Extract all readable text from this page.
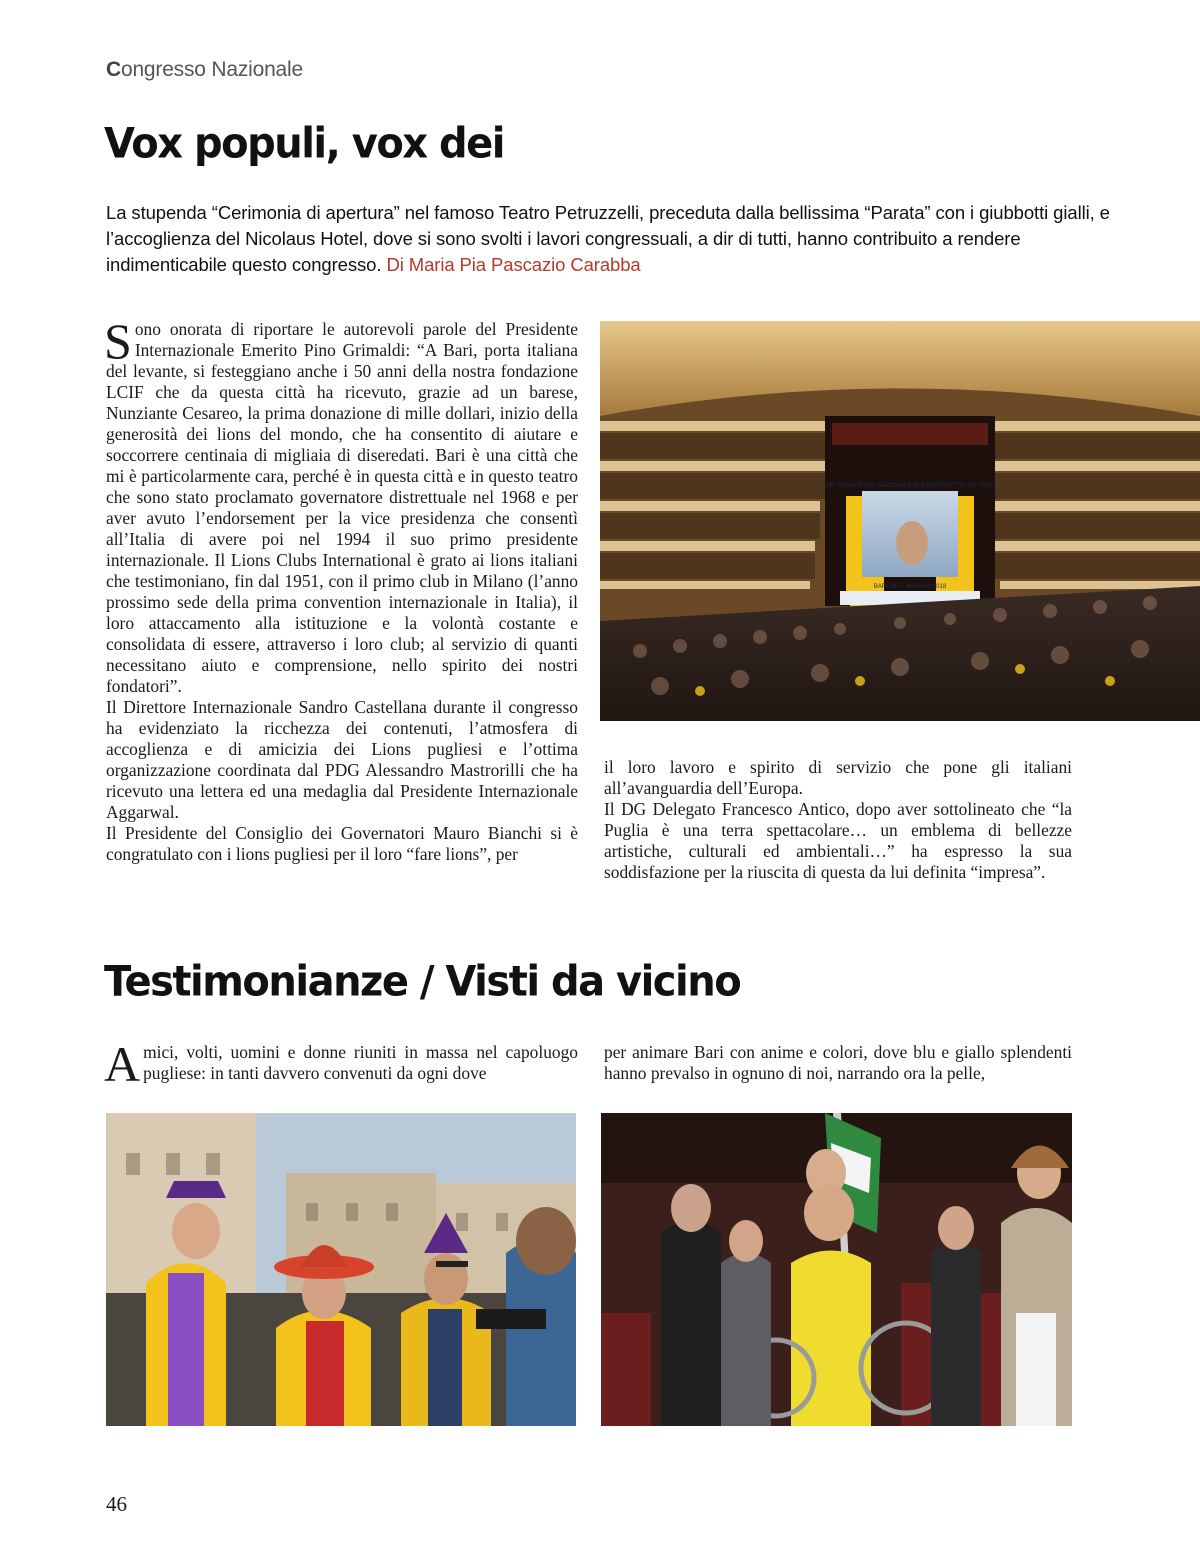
Congresso Nazionale
Vox populi, vox dei

La stupenda “Cerimonia di apertura” nel famoso Teatro Petruzzelli, preceduta dalla bellissima “Parata” con i giubbotti gialli, e l’accoglienza del Nicolaus Hotel, dove si sono svolti i lavori congressuali, a dir di tutti, hanno contribuito a rendere indimenticabile questo congresso. Di Maria Pia Pascazio Carabba

Sono onorata di riportare le autorevoli parole del Presidente Internazionale Emerito Pino Grimaldi: “A Bari, porta italiana del levante, si festeggiano anche i 50 anni della nostra fondazione LCIF che da questa città ha ricevuto, grazie ad un barese, Nunziante Cesareo, la prima donazione di mille dollari, inizio della generosità dei lions del mondo, che ha consentito di aiutare e soccorrere centinaia di migliaia di diseredati. Bari è una città che mi è particolarmente cara, perché è in questa città e in questo teatro che sono stato proclamato governatore distrettuale nel 1968 e per aver avuto l’endorsement per la vice presidenza che consentì all’Italia di avere poi nel 1994 il suo primo presidente internazionale. Il Lions Clubs International è grato ai lions italiani che testimoniano, fin dal 1951, con il primo club in Milano (l’anno prossimo sede della prima convention internazionale in Italia), il loro attaccamento alla istituzione e la volontà costante e consolidata di essere, attraverso i loro club; al servizio di quanti necessitano aiuto e comprensione, nello spirito dei nostri fondatori”.

Il Direttore Internazionale Sandro Castellana durante il congresso ha evidenziato la ricchezza dei contenuti, l’atmosfera di accoglienza e di amicizia dei Lions pugliesi e l’ottima organizzazione coordinata dal PDG Alessandro Mastrorilli che ha ricevuto una lettera ed una medaglia dal Presidente Internazionale Aggarwal.

Il Presidente del Consiglio dei Governatori Mauro Bianchi si è congratulato con i lions pugliesi per il loro “fare lions”, per

66° CONGRESSO NAZIONALE MULTIDISTRETTO 108 ITALY
BARI 25-27 MAGGIO 2018

il loro lavoro e spirito di servizio che pone gli italiani all’avanguardia dell’Europa.

Il DG Delegato Francesco Antico, dopo aver sottolineato che “la Puglia è una terra spettacolare… un emblema di bellezze artistiche, culturali ed ambientali…” ha espresso la sua soddisfazione per la riuscita di questa da lui definita “impresa”.

Testimonianze / Visti da vicino

Amici, volti, uomini e donne riuniti in massa nel capoluogo pugliese: in tanti davvero convenuti da ogni dove

per animare Bari con anime e colori, dove blu e giallo splendenti hanno prevalso in ognuno di noi, narrando ora la pelle,

46
